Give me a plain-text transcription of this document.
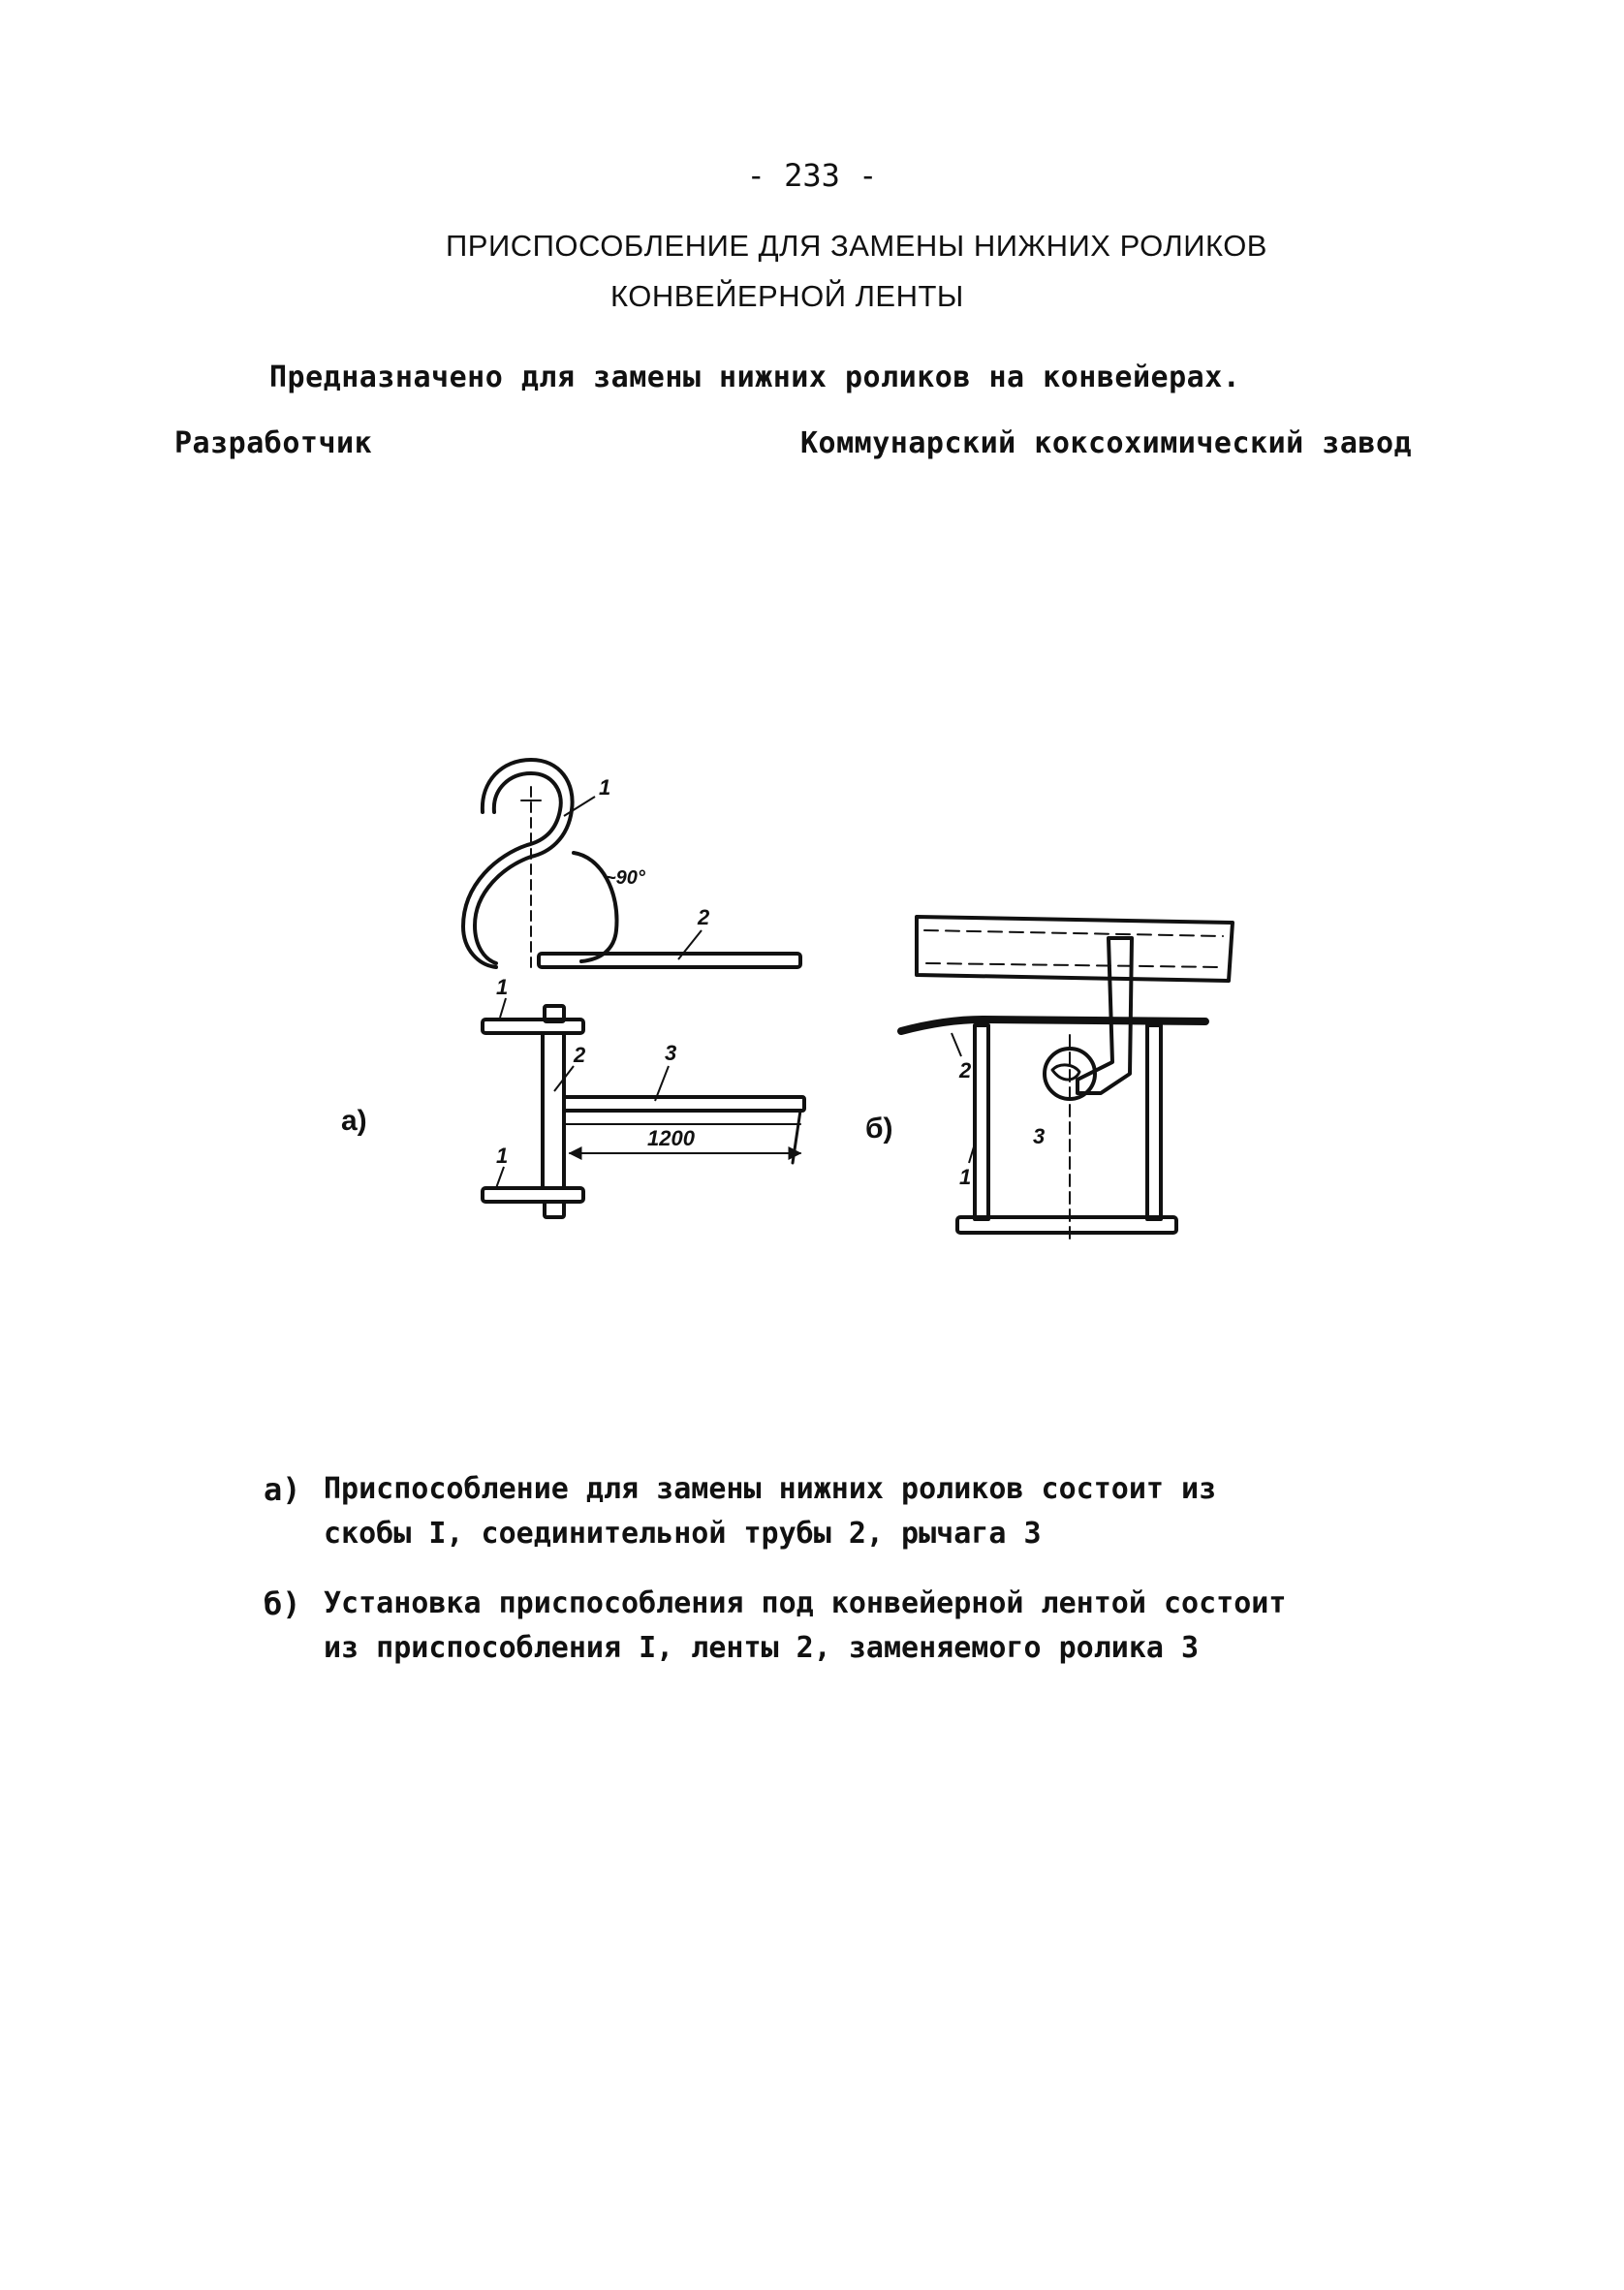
- 233 -
ПРИСПОСОБЛЕНИЕ ДЛЯ ЗАМЕНЫ НИЖНИХ РОЛИКОВ
КОНВЕЙЕРНОЙ ЛЕНТЫ
Предназначено для замены нижних роликов на конвейерах.
Разработчик	Коммунарский коксохимический завод
1
2
1
2	3
1
~90°
1200
2
1
3
а)	б)
а) Приспособление для замены нижних роликов состоит из скобы I, соединительной трубы 2, рычага 3
б) Установка приспособления под конвейерной лентой состоит из приспособления I, ленты 2, заменяемого ролика 3
